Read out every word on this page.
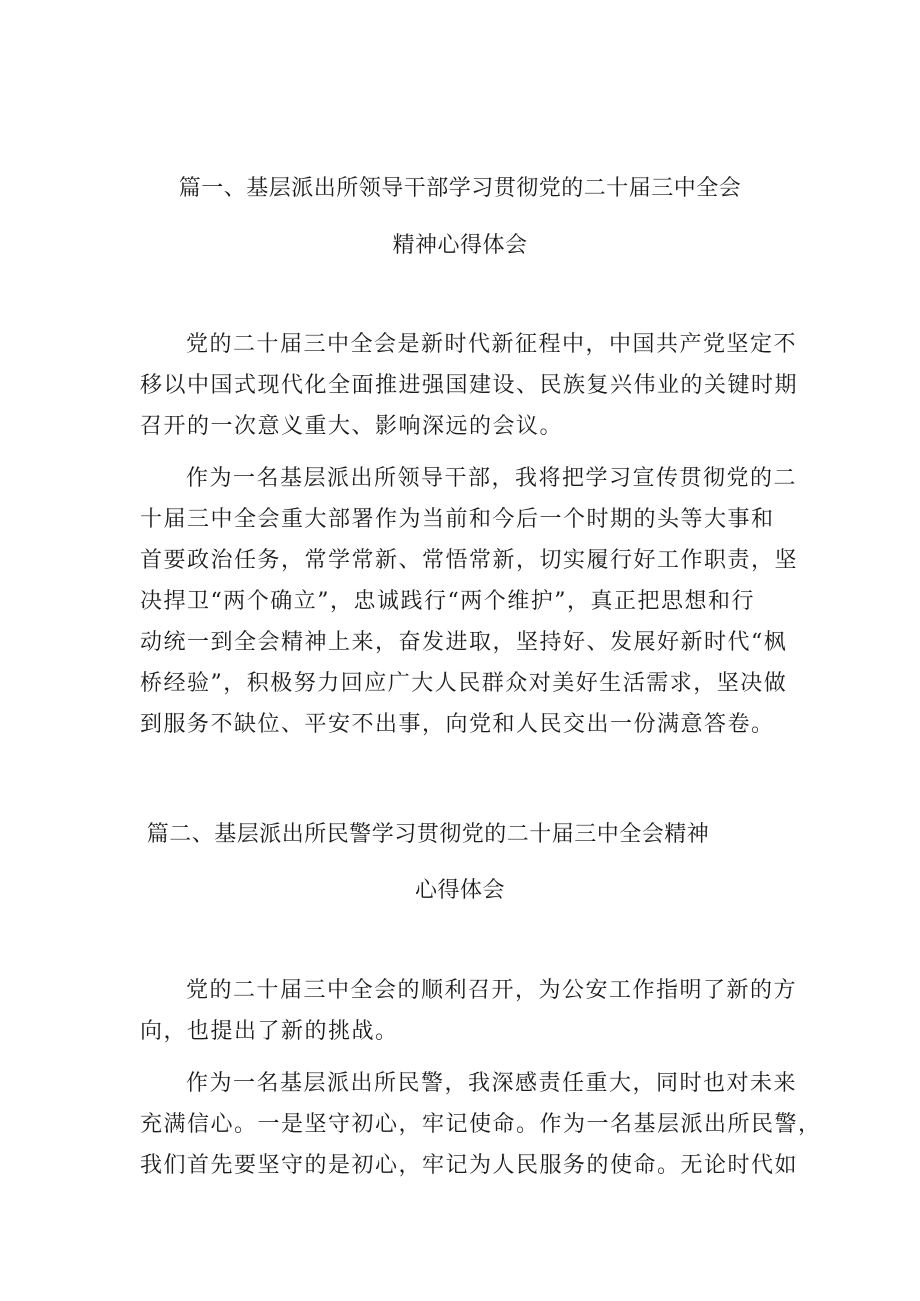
篇一、基层派出所领导干部学习贯彻党的二十届三中全会
精神心得体会

党的二十届三中全会是新时代新征程中，中国共产党坚定不

移以中国式现代化全面推进强国建设、民族复兴伟业的关键时期

召开的一次意义重大、影响深远的会议。

作为一名基层派出所领导干部，我将把学习宣传贯彻党的二

十届三中全会重大部署作为当前和今后一个时期的头等大事和

首要政治任务，常学常新、常悟常新，切实履行好工作职责，坚

决捍卫“两个确立”，忠诚践行“两个维护”，真正把思想和行

动统一到全会精神上来，奋发进取，坚持好、发展好新时代“枫

桥经验”，积极努力回应广大人民群众对美好生活需求，坚决做

到服务不缺位、平安不出事，向党和人民交出一份满意答卷。

篇二、基层派出所民警学习贯彻党的二十届三中全会精神
心得体会

党的二十届三中全会的顺利召开，为公安工作指明了新的方

向，也提出了新的挑战。

作为一名基层派出所民警，我深感责任重大，同时也对未来

充满信心。一是坚守初心，牢记使命。作为一名基层派出所民警，

我们首先要坚守的是初心，牢记为人民服务的使命。无论时代如
